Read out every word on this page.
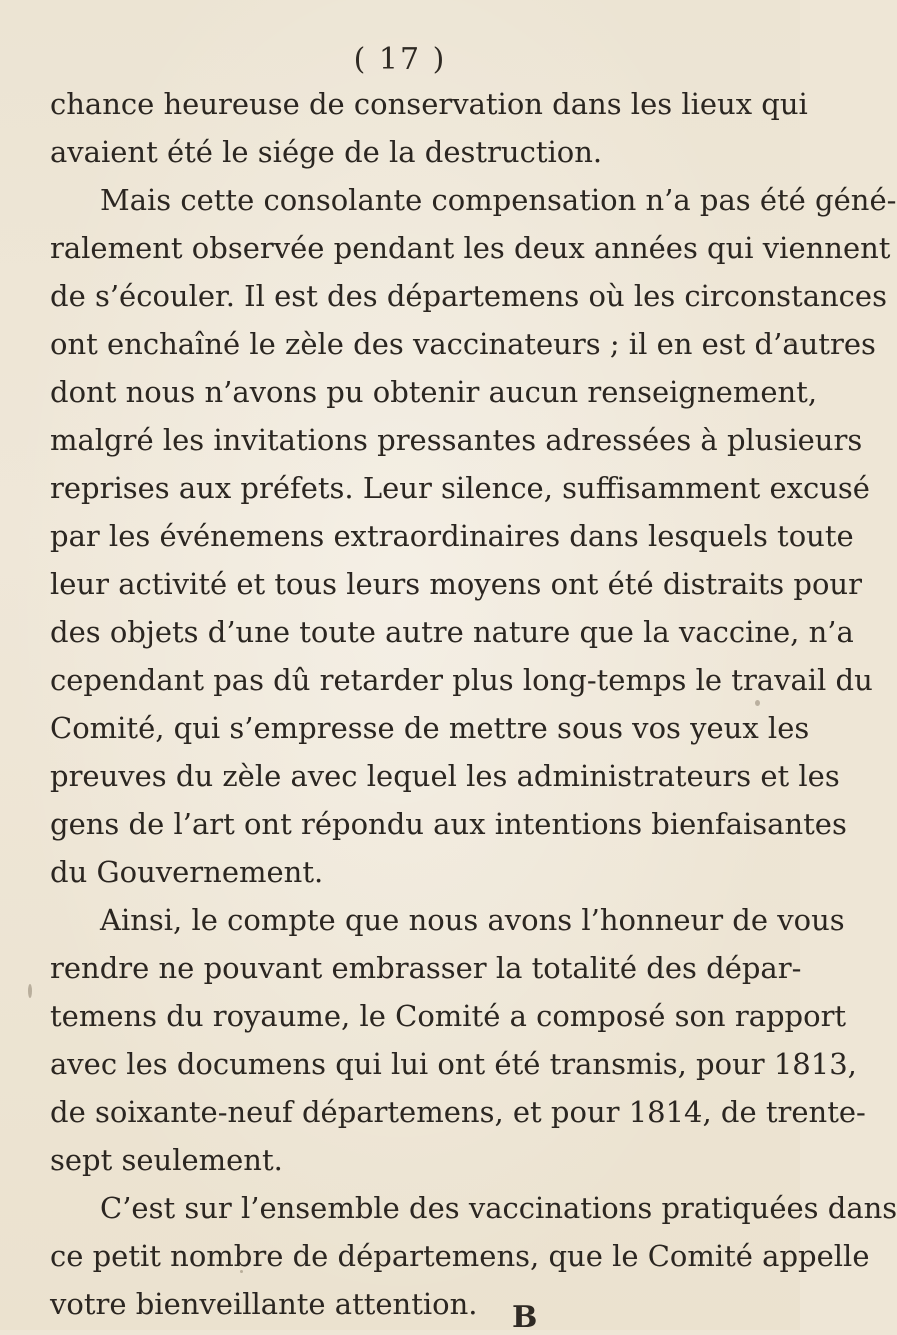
( 17 )
chance heureuse de conservation dans les lieux qui
avaient été le siége de la destruction.
Mais cette consolante compensation n’a pas été géné-
ralement observée pendant les deux années qui viennent
de s’écouler. Il est des départemens où les circonstances
ont enchaîné le zèle des vaccinateurs ; il en est d’autres
dont nous n’avons pu obtenir aucun renseignement,
malgré les invitations pressantes adressées à plusieurs
reprises aux préfets. Leur silence, suffisamment excusé
par les événemens extraordinaires dans lesquels toute
leur activité et tous leurs moyens ont été distraits pour
des objets d’une toute autre nature que la vaccine, n’a
cependant pas dû retarder plus long-temps le travail du
Comité, qui s’empresse de mettre sous vos yeux les
preuves du zèle avec lequel les administrateurs et les
gens de l’art ont répondu aux intentions bienfaisantes
du Gouvernement.
Ainsi, le compte que nous avons l’honneur de vous
rendre ne pouvant embrasser la totalité des dépar-
temens du royaume, le Comité a composé son rapport
avec les documens qui lui ont été transmis, pour 1813,
de soixante-neuf départemens, et pour 1814, de trente-
sept seulement.
C’est sur l’ensemble des vaccinations pratiquées dans
ce petit nombre de départemens, que le Comité appelle
votre bienveillante attention.	B
